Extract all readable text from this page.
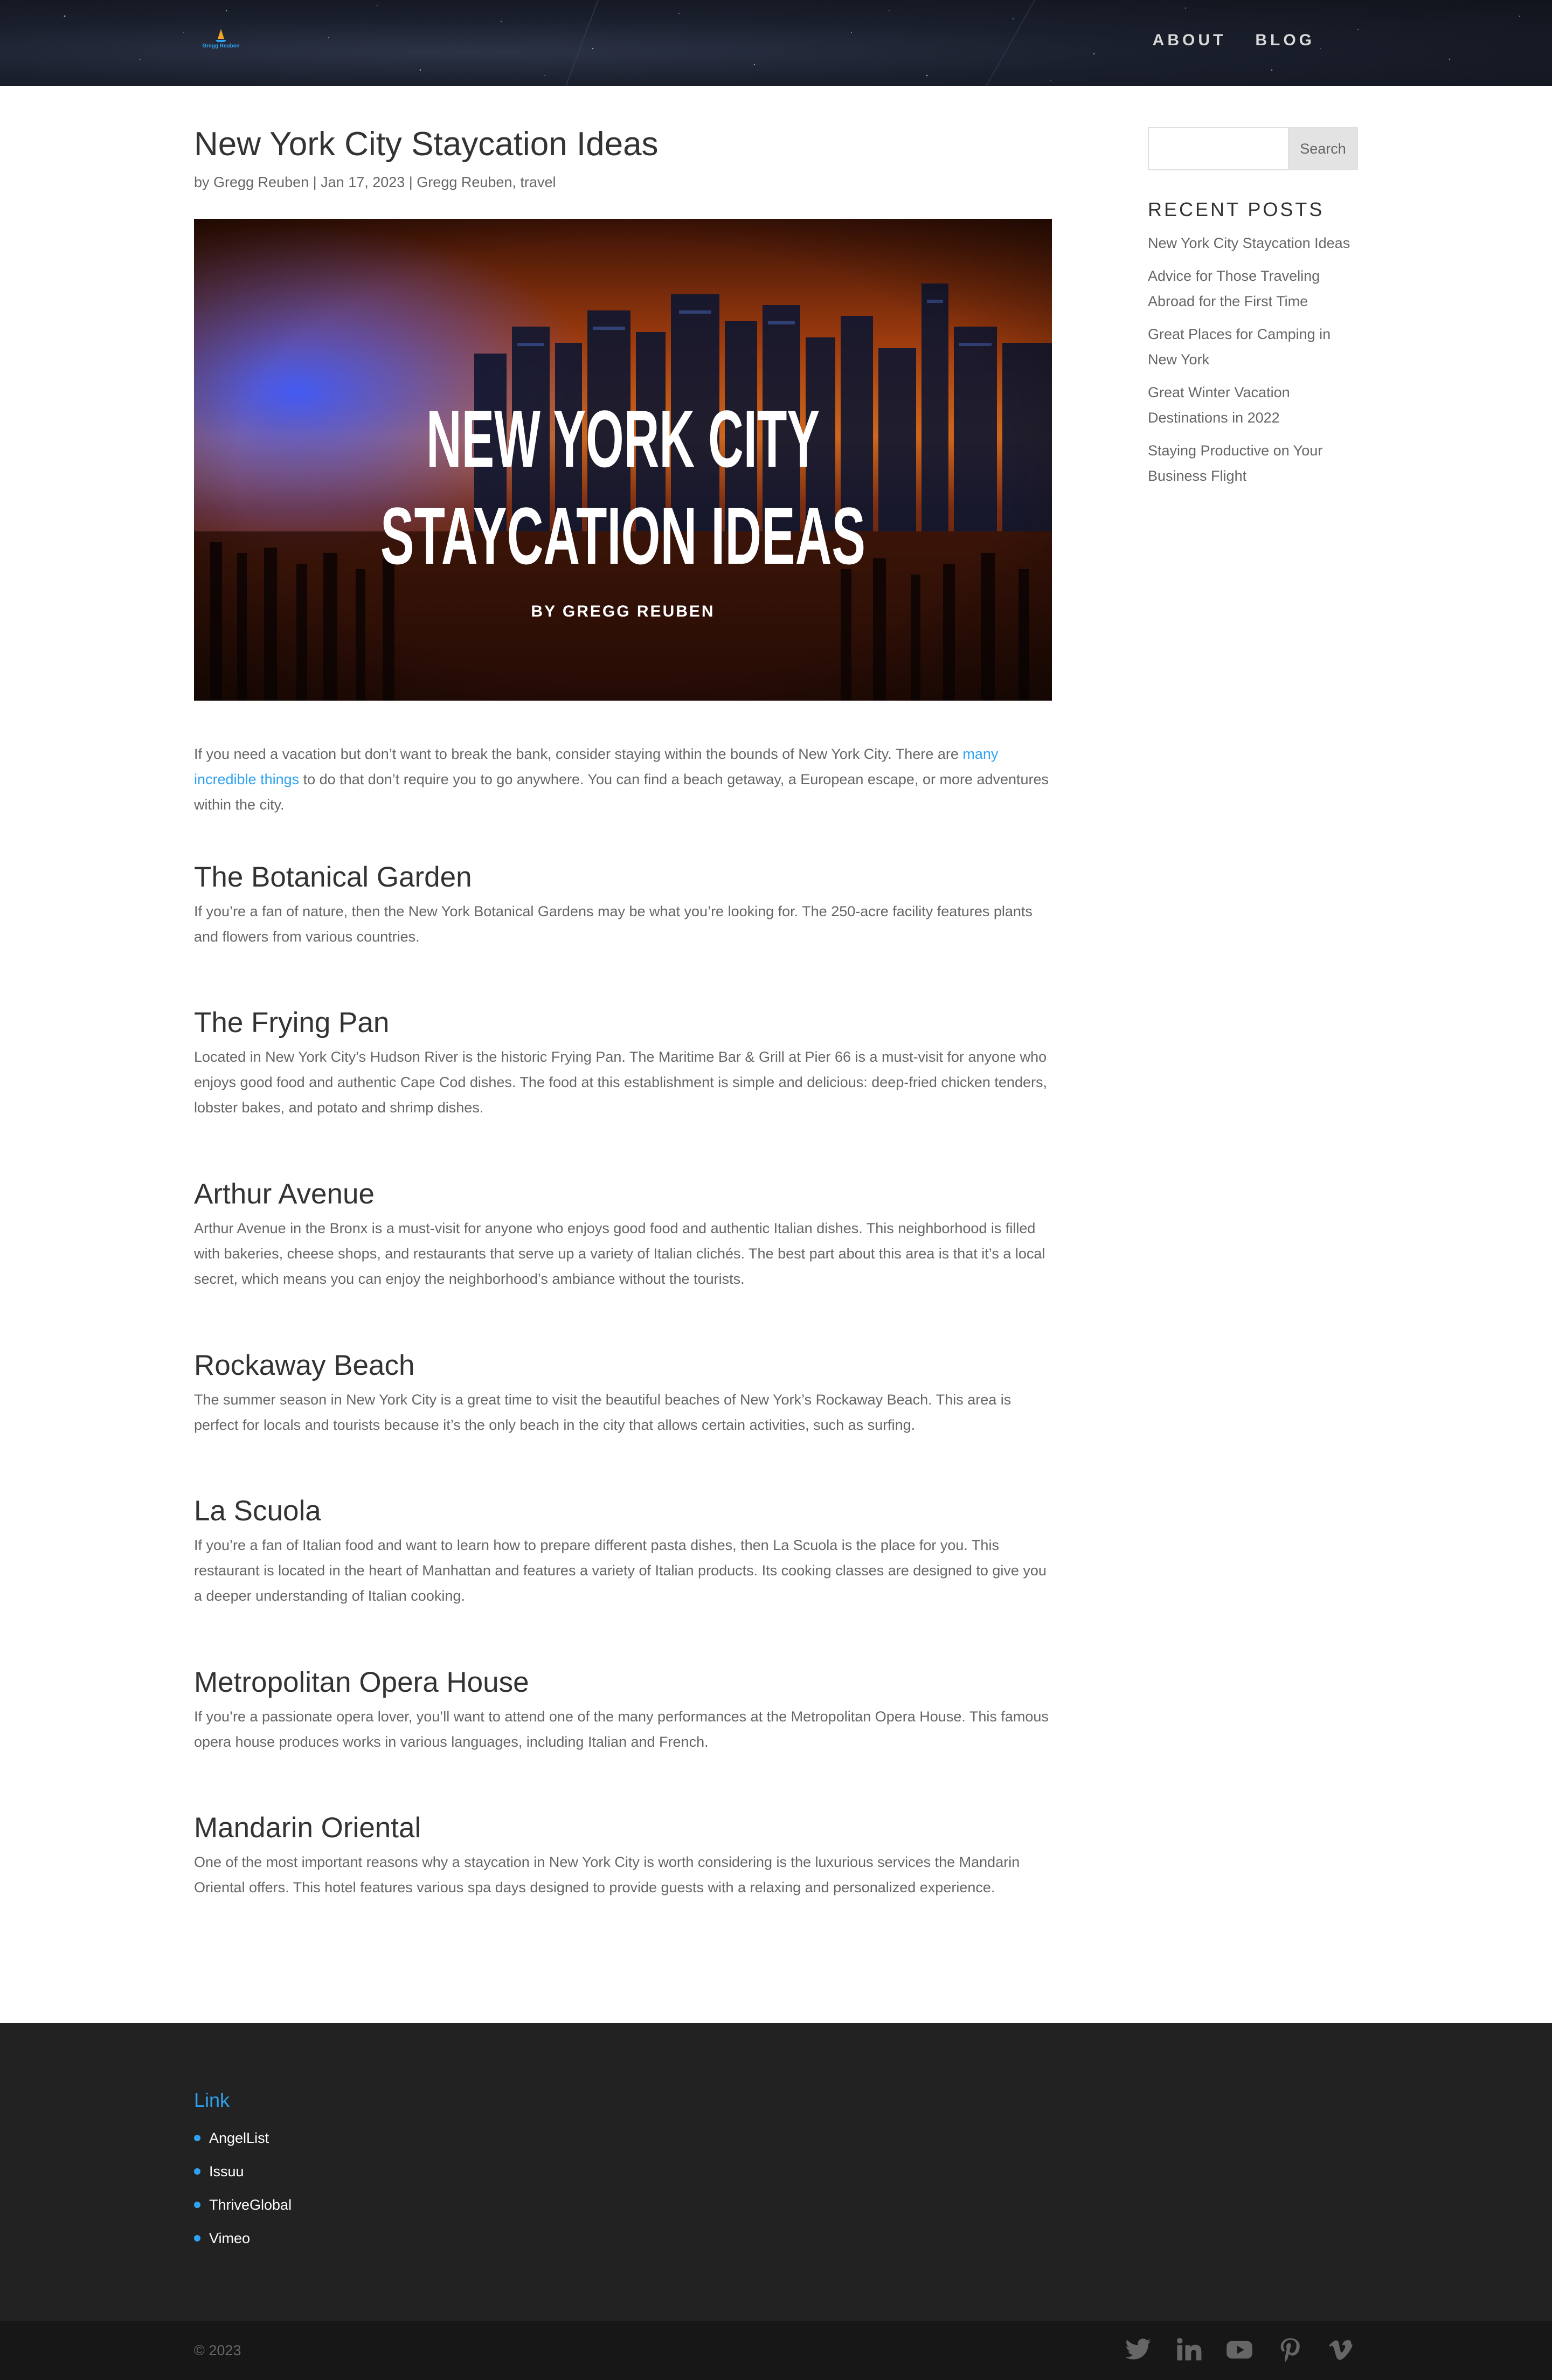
Gregg Reuben	ABOUT BLOG
New York City Staycation Ideas
by Gregg Reuben | Jan 17, 2023 | Gregg Reuben, travel
NEW YORK CITY
STAYCATION IDEAS
BY GREGG REUBEN

If you need a vacation but don’t want to break the bank, consider staying within the bounds of New York City. There are many incredible things to do that don’t require you to go anywhere. You can find a beach getaway, a European escape, or more adventures within the city.

The Botanical Garden

If you’re a fan of nature, then the New York Botanical Gardens may be what you’re looking for. The 250-acre facility features plants and flowers from various countries.

The Frying Pan

Located in New York City’s Hudson River is the historic Frying Pan. The Maritime Bar & Grill at Pier 66 is a must-visit for anyone who enjoys good food and authentic Cape Cod dishes. The food at this establishment is simple and delicious: deep-fried chicken tenders, lobster bakes, and potato and shrimp dishes.

Arthur Avenue

Arthur Avenue in the Bronx is a must-visit for anyone who enjoys good food and authentic Italian dishes. This neighborhood is filled with bakeries, cheese shops, and restaurants that serve up a variety of Italian clichés. The best part about this area is that it’s a local secret, which means you can enjoy the neighborhood’s ambiance without the tourists.

Rockaway Beach

The summer season in New York City is a great time to visit the beautiful beaches of New York’s Rockaway Beach. This area is perfect for locals and tourists because it’s the only beach in the city that allows certain activities, such as surfing.

La Scuola

If you’re a fan of Italian food and want to learn how to prepare different pasta dishes, then La Scuola is the place for you. This restaurant is located in the heart of Manhattan and features a variety of Italian products. Its cooking classes are designed to give you a deeper understanding of Italian cooking.

Metropolitan Opera House

If you’re a passionate opera lover, you’ll want to attend one of the many performances at the Metropolitan Opera House. This famous opera house produces works in various languages, including Italian and French.

Mandarin Oriental

One of the most important reasons why a staycation in New York City is worth considering is the luxurious services the Mandarin Oriental offers. This hotel features various spa days designed to provide guests with a relaxing and personalized experience.

Search
RECENT POSTS
New York City Staycation Ideas
Advice for Those Traveling Abroad for the First Time
Great Places for Camping in New York
Great Winter Vacation Destinations in 2022
Staying Productive on Your Business Flight
Link
AngelList
Issuu
ThriveGlobal
Vimeo
© 2023
